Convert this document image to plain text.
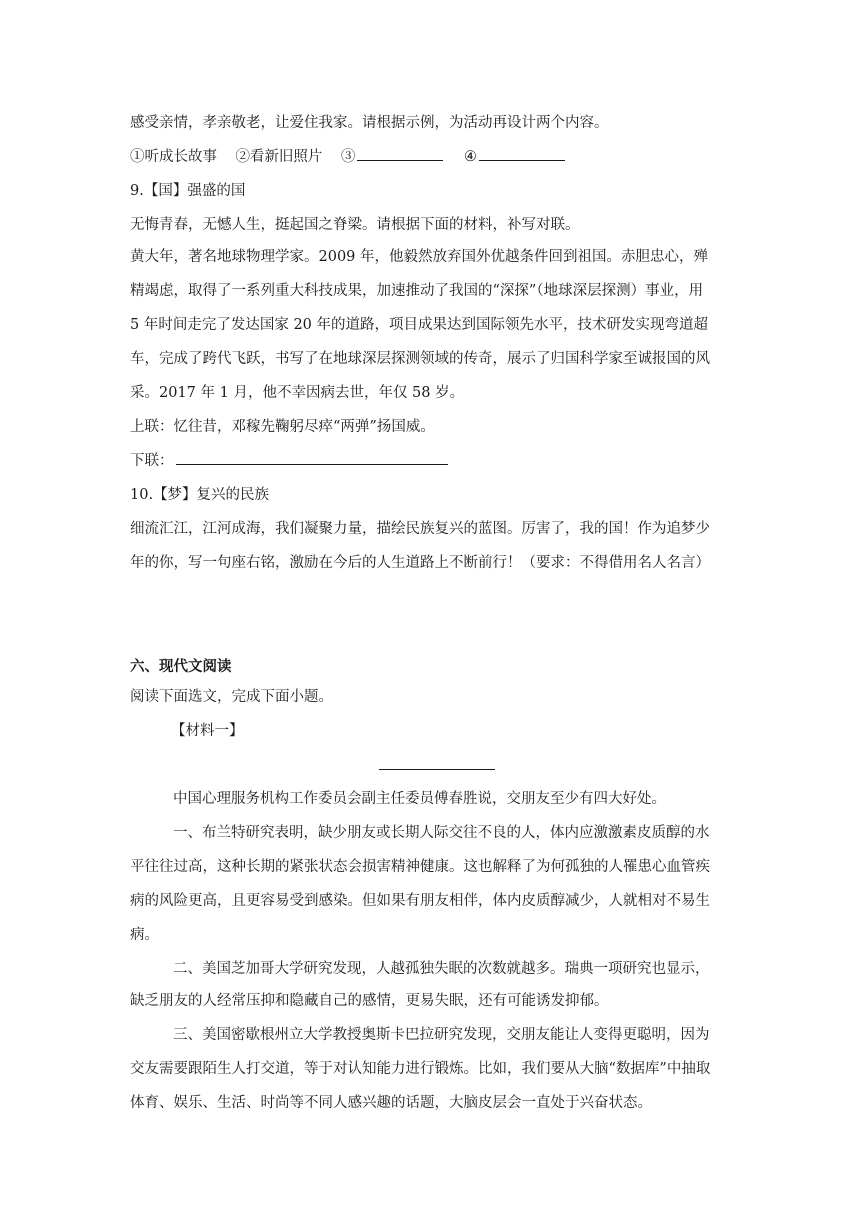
感受亲情，孝亲敬老，让爱住我家。请根据示例，为活动再设计两个内容。
①听成长故事 ②看新旧照片 ③	④
9.【国】强盛的国
无悔青春，无憾人生，挺起国之脊梁。请根据下面的材料，补写对联。
黄大年，著名地球物理学家。2009 年，他毅然放弃国外优越条件回到祖国。赤胆忠心，殚
精竭虑，取得了一系列重大科技成果，加速推动了我国的“深探”（地球深层探测）事业，用
5 年时间走完了发达国家 20 年的道路，项目成果达到国际领先水平，技术研发实现弯道超
车，完成了跨代飞跃，书写了在地球深层探测领域的传奇，展示了归国科学家至诚报国的风
采。2017 年 1 月，他不幸因病去世，年仅 58 岁。
上联：忆往昔，邓稼先鞠躬尽瘁“两弹”扬国威。
下联：
10.【梦】复兴的民族
细流汇江，江河成海，我们凝聚力量，描绘民族复兴的蓝图。厉害了，我的国！作为追梦少
年的你，写一句座右铭，激励在今后的人生道路上不断前行！（要求：不得借用名人名言）
六、现代文阅读
阅读下面选文，完成下面小题。
【材料一】
中国心理服务机构工作委员会副主任委员傅春胜说，交朋友至少有四大好处。
一、布兰特研究表明，缺少朋友或长期人际交往不良的人，体内应激激素皮质醇的水
平往往过高，这种长期的紧张状态会损害精神健康。这也解释了为何孤独的人罹患心血管疾
病的风险更高，且更容易受到感染。但如果有朋友相伴，体内皮质醇减少，人就相对不易生
病。
二、美国芝加哥大学研究发现，人越孤独失眠的次数就越多。瑞典一项研究也显示，
缺乏朋友的人经常压抑和隐藏自己的感情，更易失眠，还有可能诱发抑郁。
三、美国密歇根州立大学教授奥斯卡巴拉研究发现，交朋友能让人变得更聪明，因为
交友需要跟陌生人打交道，等于对认知能力进行锻炼。比如，我们要从大脑“数据库”中抽取
体育、娱乐、生活、时尚等不同人感兴趣的话题，大脑皮层会一直处于兴奋状态。
